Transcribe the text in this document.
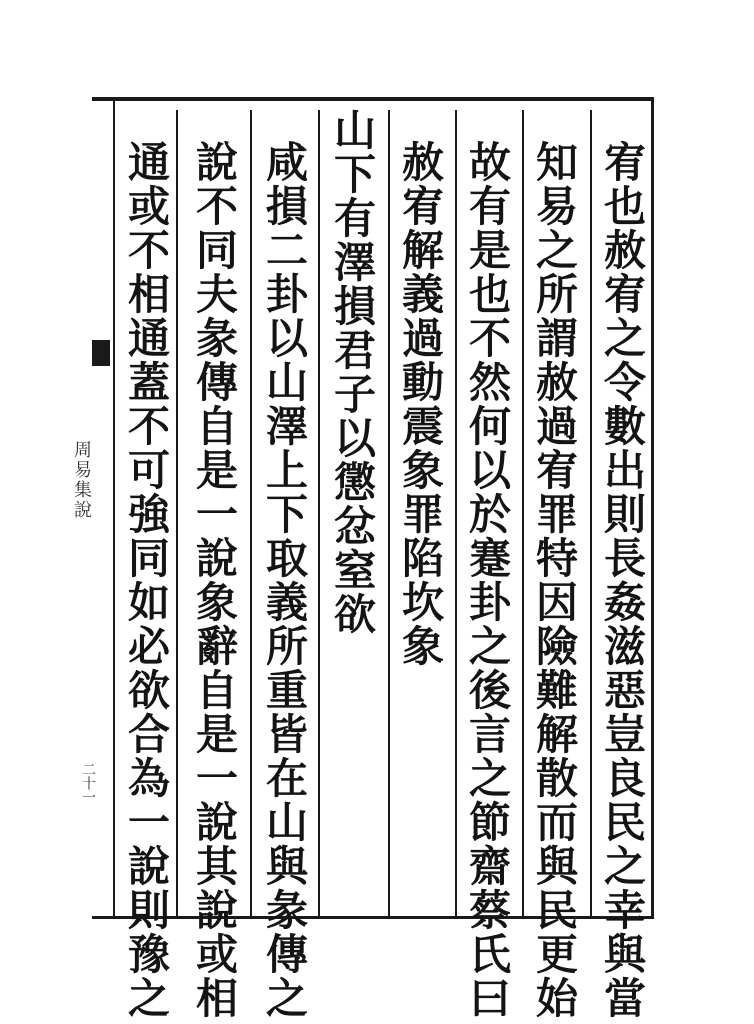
周易集說
二十一	宥也赦宥之令數出則長姦滋惡豈良民之幸與當
知易之所謂赦過宥罪特因險難解散而與民更始
故有是也不然何以於蹇卦之後言之節齋蔡氏曰
赦宥解義過動震象罪陷坎象
山下有澤損君子以懲忿窒欲
咸損二卦以山澤上下取義所重皆在山與彖傳之
說不同夫彖傳自是一說象辭自是一說其說或相
通或不相通蓋不可強同如必欲合為一說則豫之
